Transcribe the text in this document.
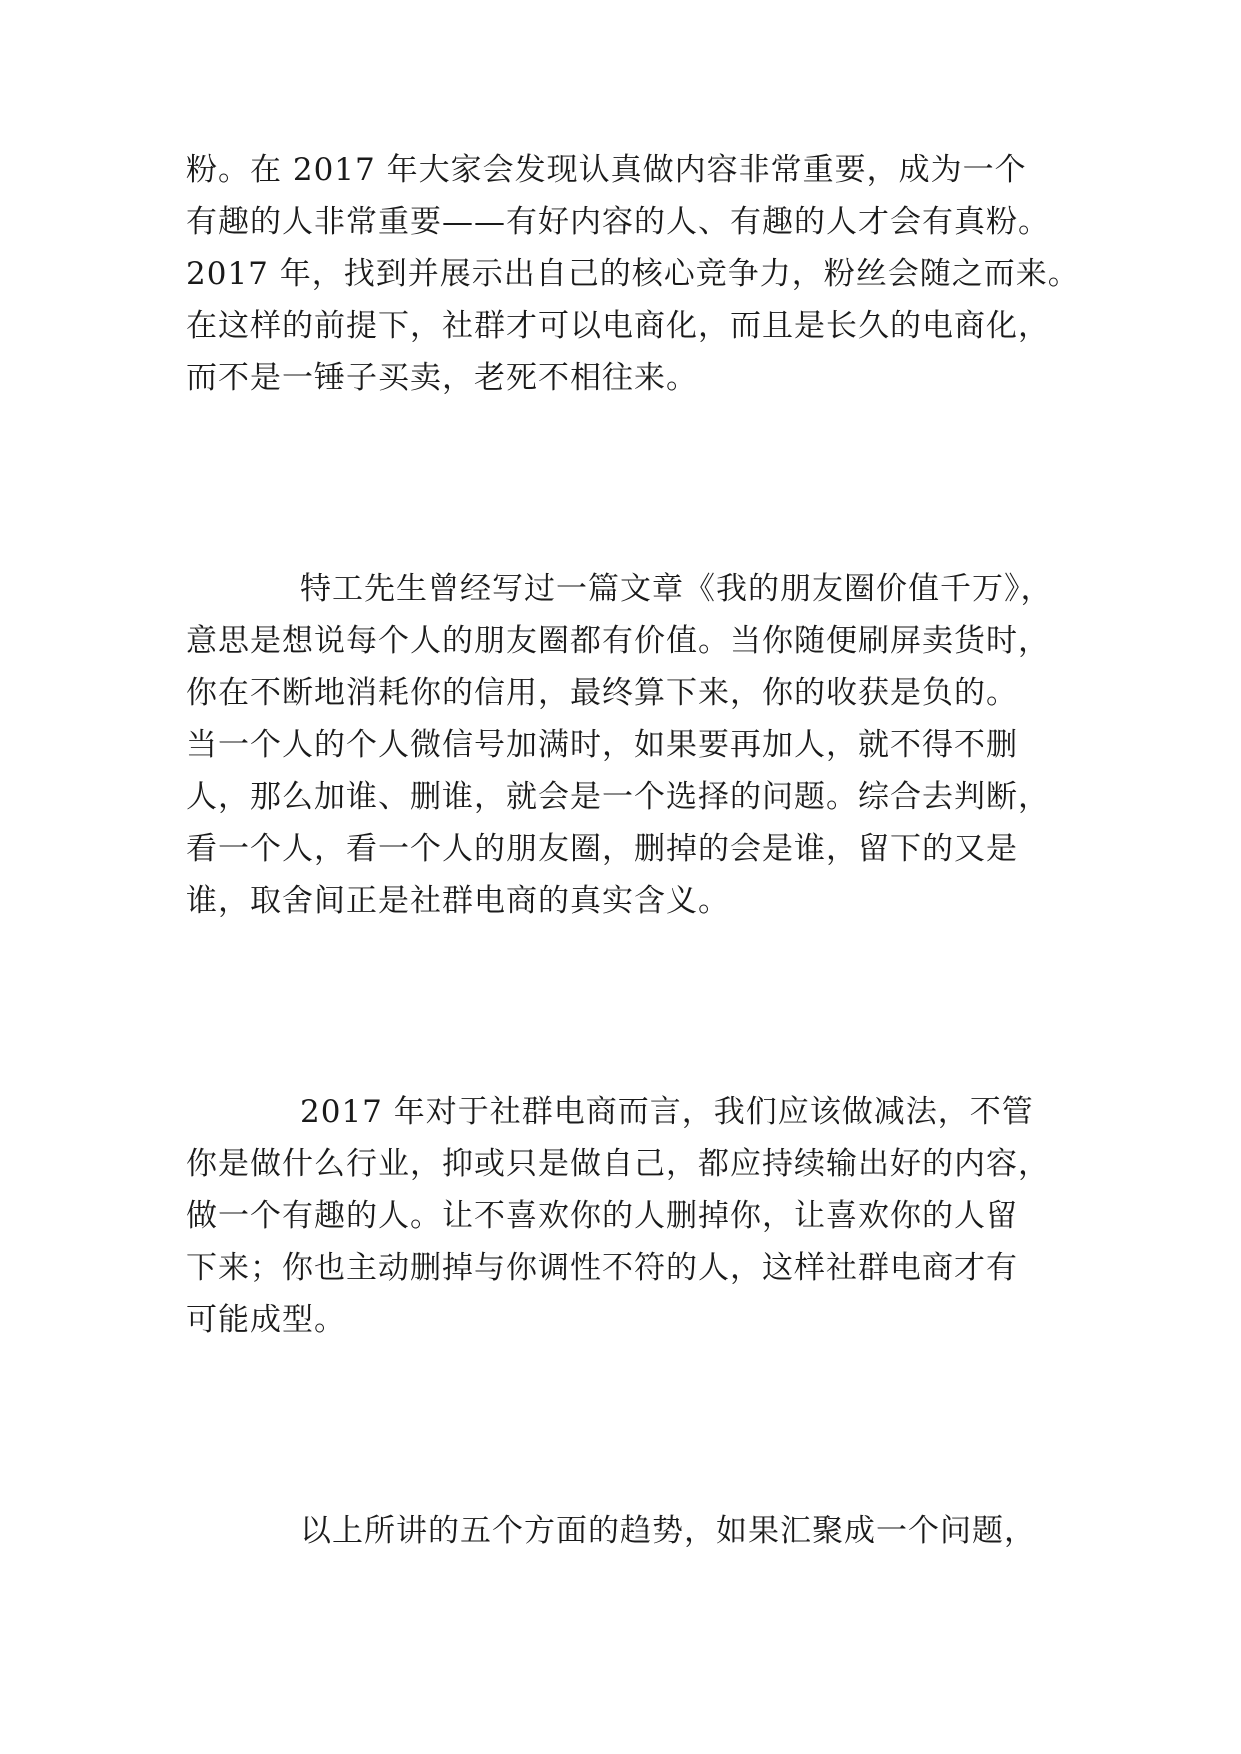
粉。在 2017 年大家会发现认真做内容非常重要，成为一个
有趣的人非常重要——有好内容的人、有趣的人才会有真粉。
2017 年，找到并展示出自己的核心竞争力，粉丝会随之而来。
在这样的前提下，社群才可以电商化，而且是长久的电商化，
而不是一锤子买卖，老死不相往来。
特工先生曾经写过一篇文章《我的朋友圈价值千万》，
意思是想说每个人的朋友圈都有价值。当你随便刷屏卖货时，
你在不断地消耗你的信用，最终算下来，你的收获是负的。
当一个人的个人微信号加满时，如果要再加人，就不得不删
人，那么加谁、删谁，就会是一个选择的问题。综合去判断，
看一个人，看一个人的朋友圈，删掉的会是谁，留下的又是
谁，取舍间正是社群电商的真实含义。
2017 年对于社群电商而言，我们应该做减法，不管
你是做什么行业，抑或只是做自己，都应持续输出好的内容，
做一个有趣的人。让不喜欢你的人删掉你，让喜欢你的人留
下来；你也主动删掉与你调性不符的人，这样社群电商才有
可能成型。
以上所讲的五个方面的趋势，如果汇聚成一个问题，
